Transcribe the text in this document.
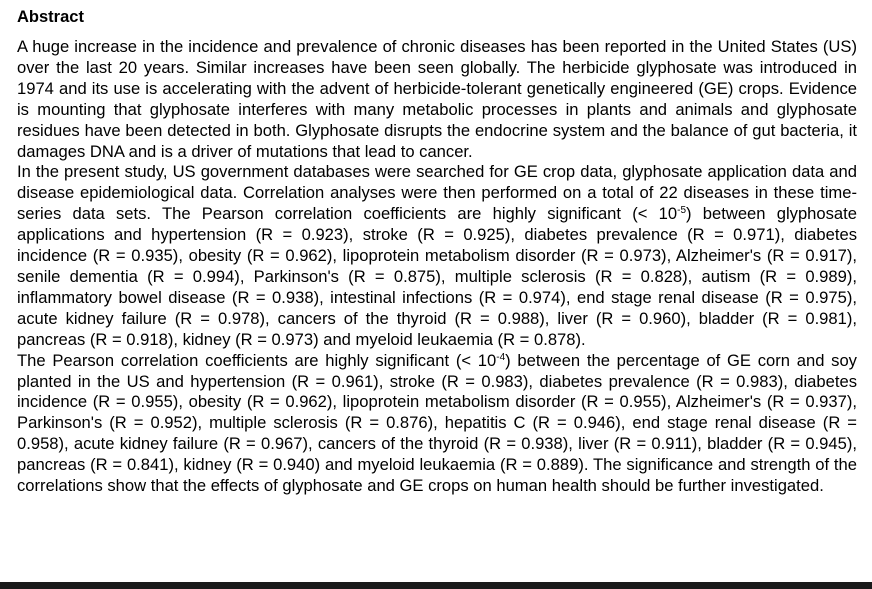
Abstract

A huge increase in the incidence and prevalence of chronic diseases has been reported in the United States (US) over the last 20 years. Similar increases have been seen globally. The herbicide glyphosate was introduced in 1974 and its use is accelerating with the advent of herbicide-tolerant genetically engineered (GE) crops. Evidence is mounting that glyphosate interferes with many metabolic processes in plants and animals and glyphosate residues have been detected in both. Glyphosate disrupts the endocrine system and the balance of gut bacteria, it damages DNA and is a driver of mutations that lead to cancer.

In the present study, US government databases were searched for GE crop data, glyphosate application data and disease epidemiological data. Correlation analyses were then performed on a total of 22 diseases in these time-series data sets. The Pearson correlation coefficients are highly significant (< $10^{-5}$) between glyphosate applications and hypertension (R = 0.923), stroke (R = 0.925), diabetes prevalence (R = 0.971), diabetes incidence (R = 0.935), obesity (R = 0.962), lipoprotein metabolism disorder (R = 0.973), Alzheimer's (R = 0.917), senile dementia (R = 0.994), Parkinson's (R = 0.875), multiple sclerosis (R = 0.828), autism (R = 0.989), inflammatory bowel disease (R = 0.938), intestinal infections (R = 0.974), end stage renal disease (R = 0.975), acute kidney failure (R = 0.978), cancers of the thyroid (R = 0.988), liver (R = 0.960), bladder (R = 0.981), pancreas (R = 0.918), kidney (R = 0.973) and myeloid leukaemia (R = 0.878).

The Pearson correlation coefficients are highly significant (< $10^{-4}$) between the percentage of GE corn and soy planted in the US and hypertension (R = 0.961), stroke (R = 0.983), diabetes prevalence (R = 0.983), diabetes incidence (R = 0.955), obesity (R = 0.962), lipoprotein metabolism disorder (R = 0.955), Alzheimer's (R = 0.937), Parkinson's (R = 0.952), multiple sclerosis (R = 0.876), hepatitis C (R = 0.946), end stage renal disease (R = 0.958), acute kidney failure (R = 0.967), cancers of the thyroid (R = 0.938), liver (R = 0.911), bladder (R = 0.945), pancreas (R = 0.841), kidney (R = 0.940) and myeloid leukaemia (R = 0.889). The significance and strength of the correlations show that the effects of glyphosate and GE crops on human health should be further investigated.
